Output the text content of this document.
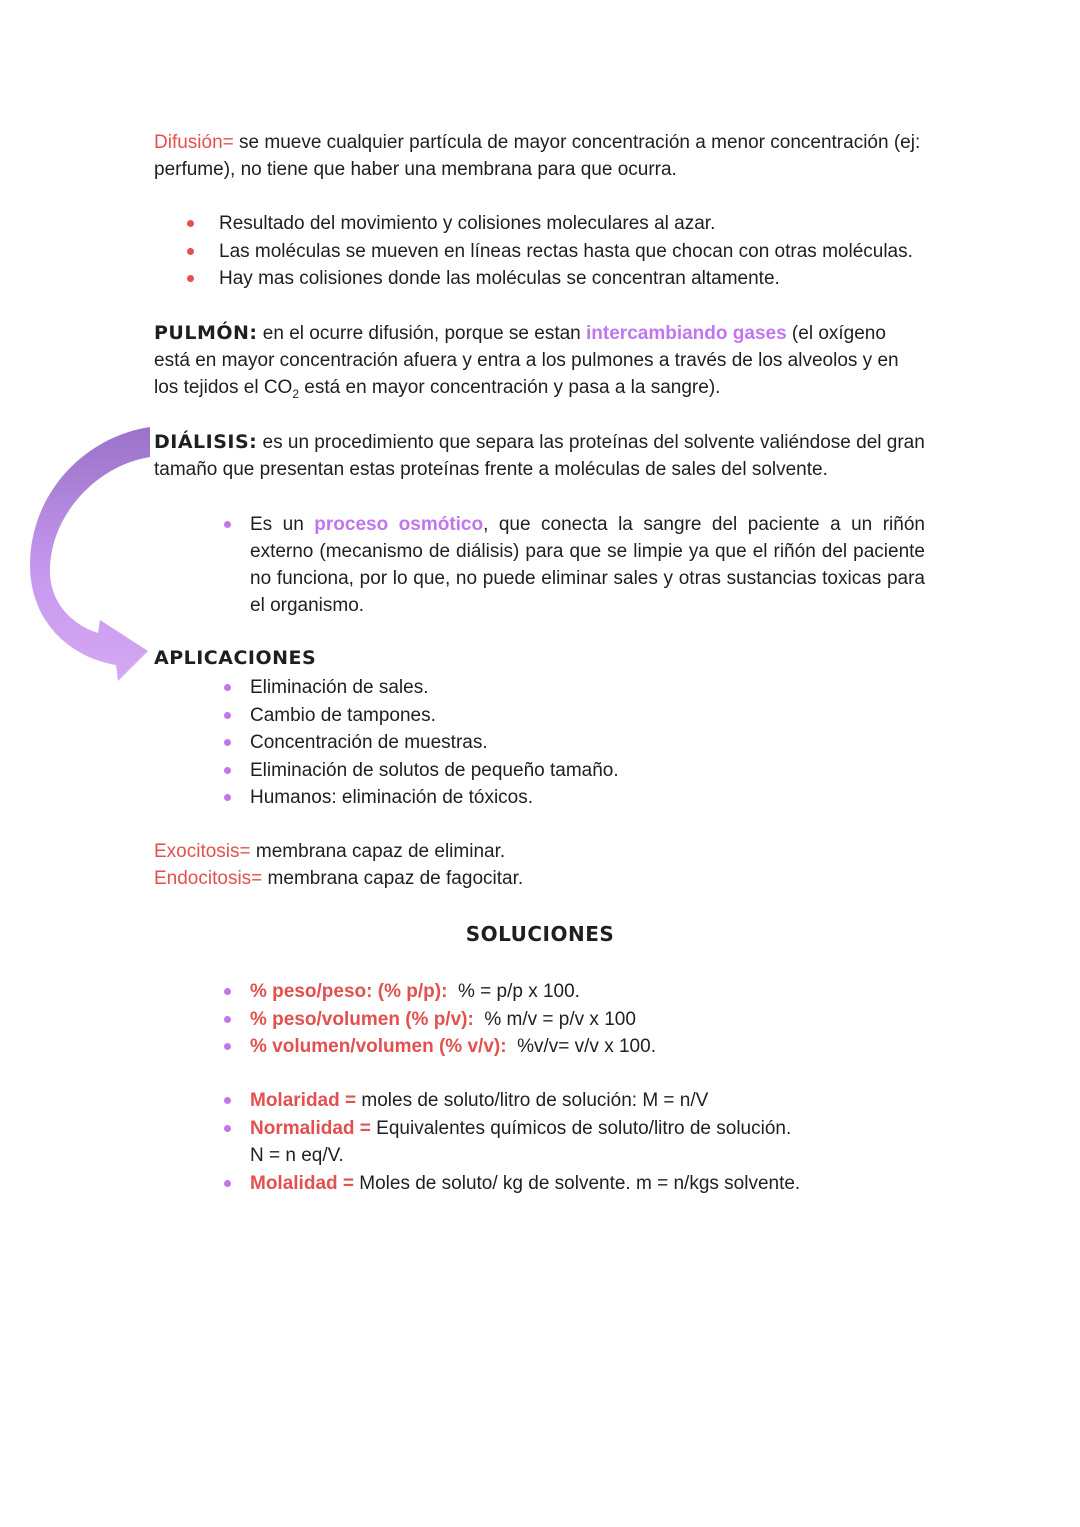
Difusión= se mueve cualquier partícula de mayor concentración a menor concentración (ej: perfume), no tiene que haber una membrana para que ocurra.
Resultado del movimiento y colisiones moleculares al azar.
Las moléculas se mueven en líneas rectas hasta que chocan con otras moléculas.
Hay mas colisiones donde las moléculas se concentran altamente.
PULMÓN: en el ocurre difusión, porque se estan intercambiando gases (el oxígeno está en mayor concentración afuera y entra a los pulmones a través de los alveolos y en los tejidos el $CO_2$ está en mayor concentración y pasa a la sangre).
DIÁLISIS: es un procedimiento que separa las proteínas del solvente valiéndose del gran tamaño que presentan estas proteínas frente a moléculas de sales del solvente.
Es un proceso osmótico, que conecta la sangre del paciente a un riñón externo (mecanismo de diálisis) para que se limpie ya que el riñón del paciente no funciona, por lo que, no puede eliminar sales y otras sustancias toxicas para el organismo.
APLICACIONES
Eliminación de sales.
Cambio de tampones.
Concentración de muestras.
Eliminación de solutos de pequeño tamaño.
Humanos: eliminación de tóxicos.
Exocitosis= membrana capaz de eliminar.
Endocitosis= membrana capaz de fagocitar.
SOLUCIONES
% peso/peso: (% p/p):  % = p/p x 100.
% peso/volumen (% p/v):  % m/v = p/v x 100
% volumen/volumen (% v/v):  %v/v= v/v x 100.
Molaridad = moles de soluto/litro de solución: M = n/V
Normalidad = Equivalentes químicos de soluto/litro de solución.
N = n eq/V.
Molalidad = Moles de soluto/ kg de solvente. m = n/kgs solvente.
